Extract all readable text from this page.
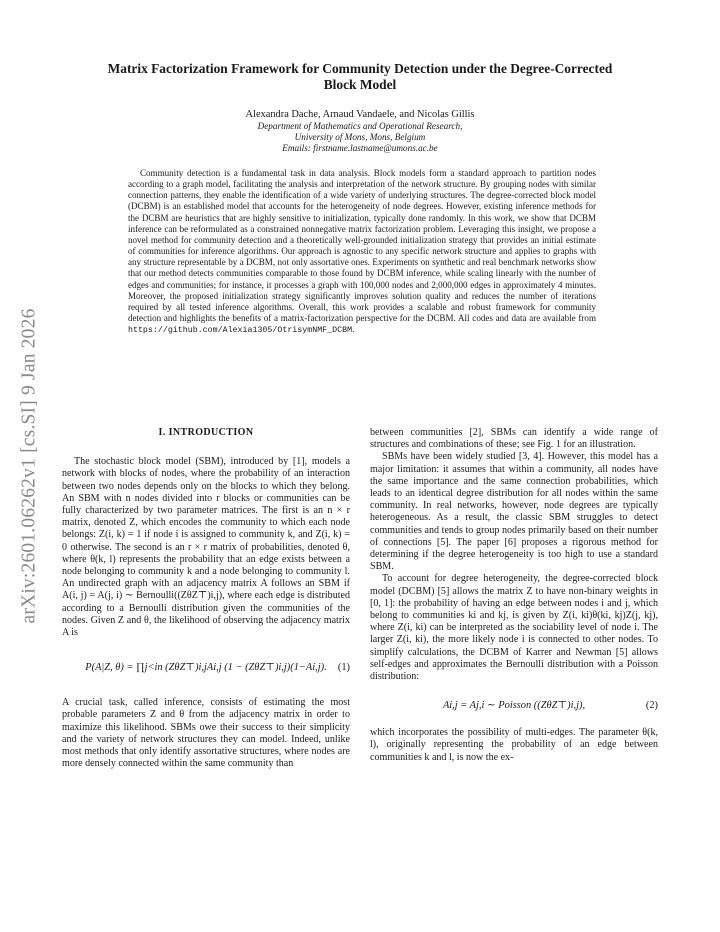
arXiv:2601.06262v1 [cs.SI] 9 Jan 2026
Matrix Factorization Framework for Community Detection under the Degree-Corrected Block Model
Alexandra Dache, Arnaud Vandaele, and Nicolas Gillis
Department of Mathematics and Operational Research,
University of Mons, Mons, Belgium
Emails: firstname.lastname@umons.ac.be

Community detection is a fundamental task in data analysis. Block models form a standard approach to partition nodes according to a graph model, facilitating the analysis and interpretation of the network structure. By grouping nodes with similar connection patterns, they enable the identification of a wide variety of underlying structures. The degree-corrected block model (DCBM) is an established model that accounts for the heterogeneity of node degrees. However, existing inference methods for the DCBM are heuristics that are highly sensitive to initialization, typically done randomly. In this work, we show that DCBM inference can be reformulated as a constrained nonnegative matrix factorization problem. Leveraging this insight, we propose a novel method for community detection and a theoretically well-grounded initialization strategy that provides an initial estimate of communities for inference algorithms. Our approach is agnostic to any specific network structure and applies to graphs with any structure representable by a DCBM, not only assortative ones. Experiments on synthetic and real benchmark networks show that our method detects communities comparable to those found by DCBM inference, while scaling linearly with the number of edges and communities; for instance, it processes a graph with 100,000 nodes and 2,000,000 edges in approximately 4 minutes. Moreover, the proposed initialization strategy significantly improves solution quality and reduces the number of iterations required by all tested inference algorithms. Overall, this work provides a scalable and robust framework for community detection and highlights the benefits of a matrix-factorization perspective for the DCBM. All codes and data are available from https://github.com/Alexia1305/OtrisymNMF_DCBM.

I. INTRODUCTION

The stochastic block model (SBM), introduced by [1], models a network with blocks of nodes, where the probability of an interaction between two nodes depends only on the blocks to which they belong. An SBM with n nodes divided into r blocks or communities can be fully characterized by two parameter matrices. The first is an n × r matrix, denoted Z, which encodes the community to which each node belongs: Z(i, k) = 1 if node i is assigned to community k, and Z(i, k) = 0 otherwise. The second is an r × r matrix of probabilities, denoted θ, where θ(k, l) represents the probability that an edge exists between a node belonging to community k and a node belonging to community l. An undirected graph with an adjacency matrix A follows an SBM if A(i, j) = A(j, i) ∼ Bernoulli((ZθZ⊤)i,j), where each edge is distributed according to a Bernoulli distribution given the communities of the nodes. Given Z and θ, the likelihood of observing the adjacency matrix A is

P(A|Z, θ) = ∏j<in (ZθZ⊤)i,jAi,j (1 − (ZθZ⊤)i,j)(1−Ai,j). (1)

A crucial task, called inference, consists of estimating the most probable parameters Z and θ from the adjacency matrix in order to maximize this likelihood. SBMs owe their success to their simplicity and the variety of network structures they can model. Indeed, unlike most methods that only identify assortative structures, where nodes are more densely connected within the same community than

between communities [2], SBMs can identify a wide range of structures and combinations of these; see Fig. 1 for an illustration.

SBMs have been widely studied [3, 4]. However, this model has a major limitation: it assumes that within a community, all nodes have the same importance and the same connection probabilities, which leads to an identical degree distribution for all nodes within the same community. In real networks, however, node degrees are typically heterogeneous. As a result, the classic SBM struggles to detect communities and tends to group nodes primarily based on their number of connections [5]. The paper [6] proposes a rigorous method for determining if the degree heterogeneity is too high to use a standard SBM.

To account for degree heterogeneity, the degree-corrected block model (DCBM) [5] allows the matrix Z to have non-binary weights in [0, 1]: the probability of having an edge between nodes i and j, which belong to communities ki and kj, is given by Z(i, ki)θ(ki, kj)Z(j, kj), where Z(i, ki) can be interpreted as the sociability level of node i. The larger Z(i, ki), the more likely node i is connected to other nodes. To simplify calculations, the DCBM of Karrer and Newman [5] allows self-edges and approximates the Bernoulli distribution with a Poisson distribution:

Ai,j = Aj,i ∼ Poisson ((ZθZ⊤)i,j),	(2)

which incorporates the possibility of multi-edges. The parameter θ(k, l), originally representing the probability of an edge between communities k and l, is now the ex-
